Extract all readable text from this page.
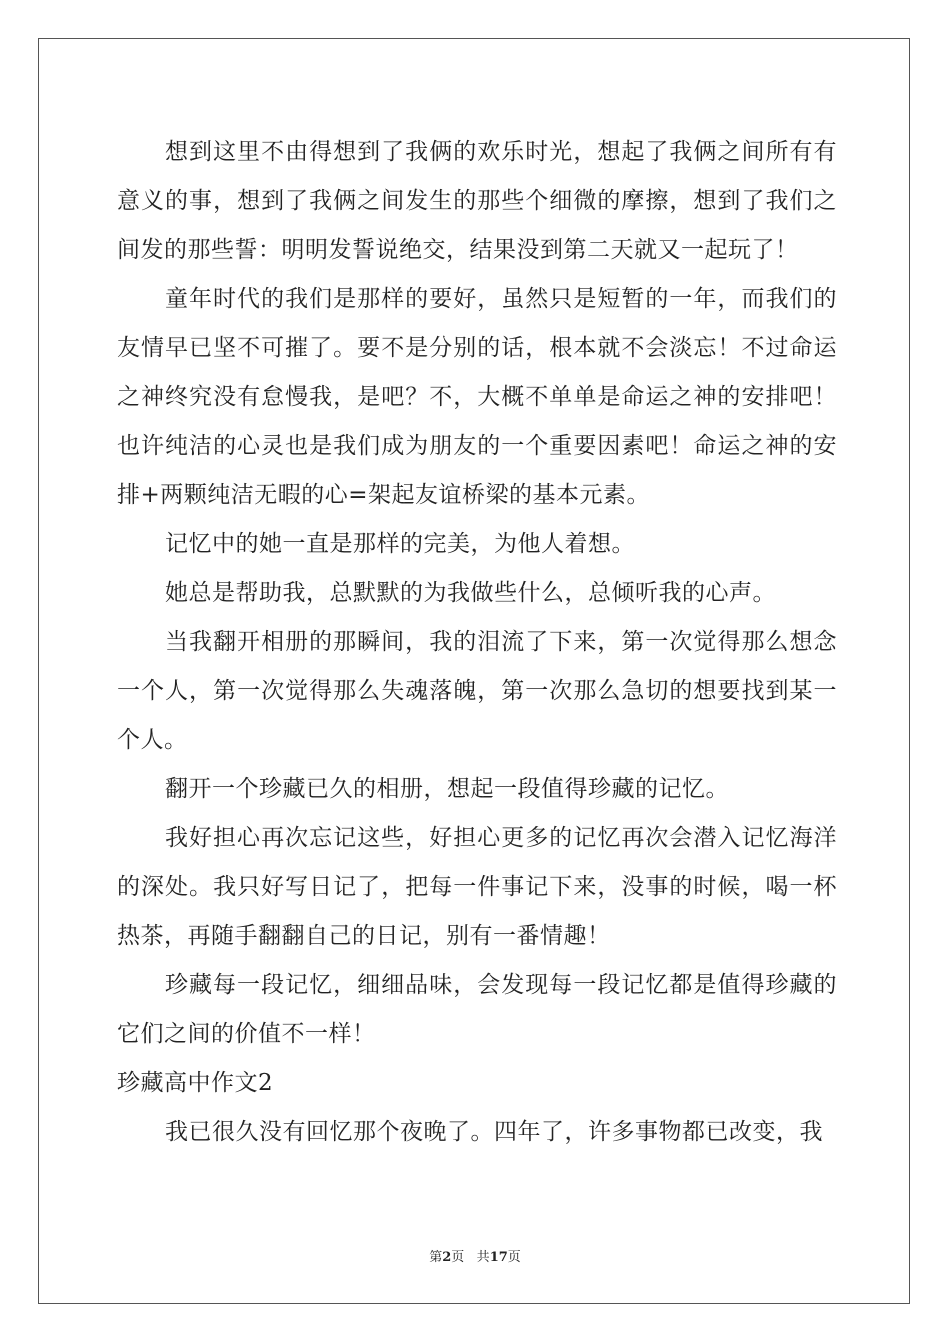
想到这里不由得想到了我俩的欢乐时光，想起了我俩之间所有有意义的事，想到了我俩之间发生的那些个细微的摩擦，想到了我们之间发的那些誓：明明发誓说绝交，结果没到第二天就又一起玩了！

童年时代的我们是那样的要好，虽然只是短暂的一年，而我们的友情早已坚不可摧了。要不是分别的话，根本就不会淡忘！不过命运之神终究没有怠慢我，是吧？不，大概不单单是命运之神的安排吧！也许纯洁的心灵也是我们成为朋友的一个重要因素吧！命运之神的安排+两颗纯洁无暇的心=架起友谊桥梁的基本元素。

记忆中的她一直是那样的完美，为他人着想。

她总是帮助我，总默默的为我做些什么，总倾听我的心声。

当我翻开相册的那瞬间，我的泪流了下来，第一次觉得那么想念一个人，第一次觉得那么失魂落魄，第一次那么急切的想要找到某一个人。

翻开一个珍藏已久的相册，想起一段值得珍藏的记忆。

我好担心再次忘记这些，好担心更多的记忆再次会潜入记忆海洋的深处。我只好写日记了，把每一件事记下来，没事的时候，喝一杯热茶，再随手翻翻自己的日记，别有一番情趣！

珍藏每一段记忆，细细品味，会发现每一段记忆都是值得珍藏的它们之间的价值不一样！

珍藏高中作文2

我已很久没有回忆那个夜晚了。四年了，许多事物都已改变，我

第2页 共17页
